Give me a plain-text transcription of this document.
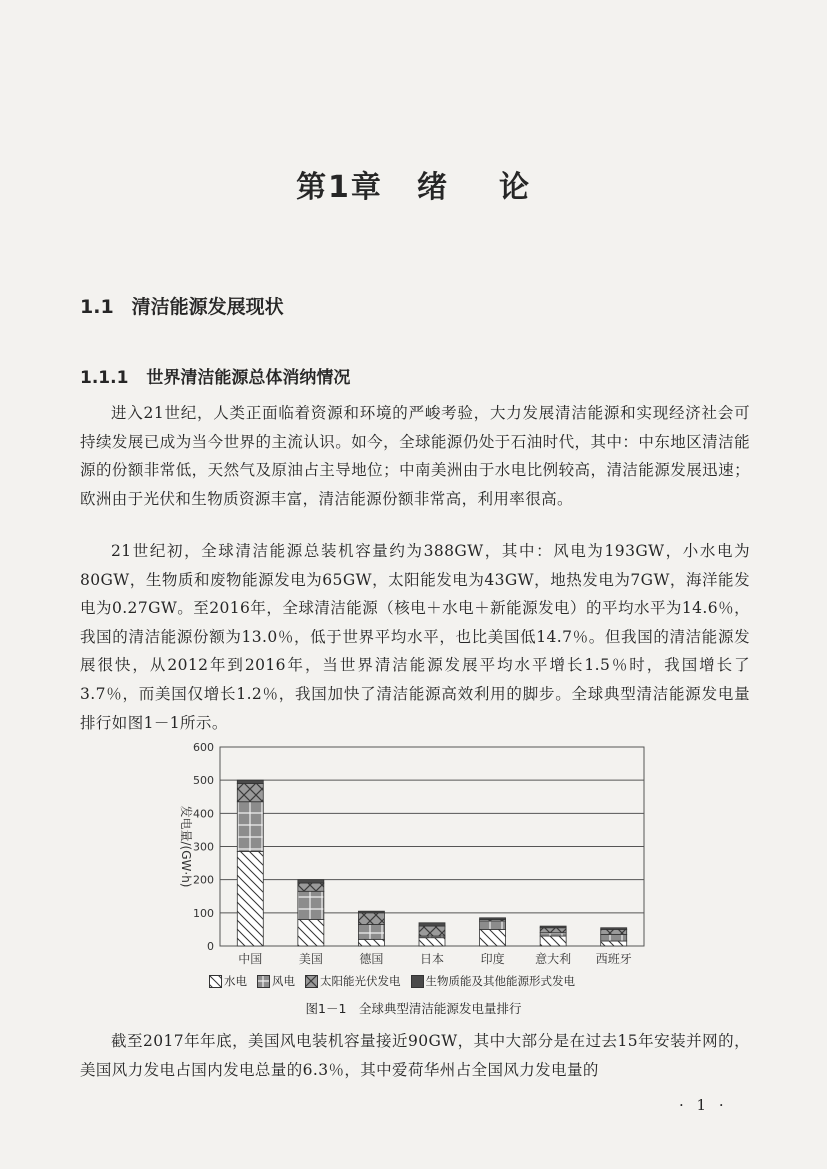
第1章 绪 论
1.1 清洁能源发展现状
1.1.1 世界清洁能源总体消纳情况

进入21世纪，人类正面临着资源和环境的严峻考验，大力发展清洁能源和实现经济社会可持续发展已成为当今世界的主流认识。如今，全球能源仍处于石油时代，其中：中东地区清洁能源的份额非常低，天然气及原油占主导地位；中南美洲由于水电比例较高，清洁能源发展迅速；欧洲由于光伏和生物质资源丰富，清洁能源份额非常高，利用率很高。

21世纪初，全球清洁能源总装机容量约为388GW，其中：风电为193GW，小水电为80GW，生物质和废物能源发电为65GW，太阳能发电为43GW，地热发电为7GW，海洋能发电为0.27GW。至2016年，全球清洁能源（核电＋水电＋新能源发电）的平均水平为14.6％，我国的清洁能源份额为13.0％，低于世界平均水平，也比美国低14.7％。但我国的清洁能源发展很快，从2012年到2016年，当世界清洁能源发展平均水平增长1.5％时，我国增长了3.7％，而美国仅增长1.2％，我国加快了清洁能源高效利用的脚步。全球典型清洁能源发电量排行如图1－1所示。

0
100
200
300
400
500
600
发电量/(GW·h)
中国	美国	德国	日本	印度	意大利 西班牙
水电 风电 太阳能光伏发电 生物质能及其他能源形式发电
图1－1　全球典型清洁能源发电量排行

截至2017年年底，美国风电装机容量接近90GW，其中大部分是在过去15年安装并网的，美国风力发电占国内发电总量的6.3％，其中爱荷华州占全国风力发电量的

· 1 ·
